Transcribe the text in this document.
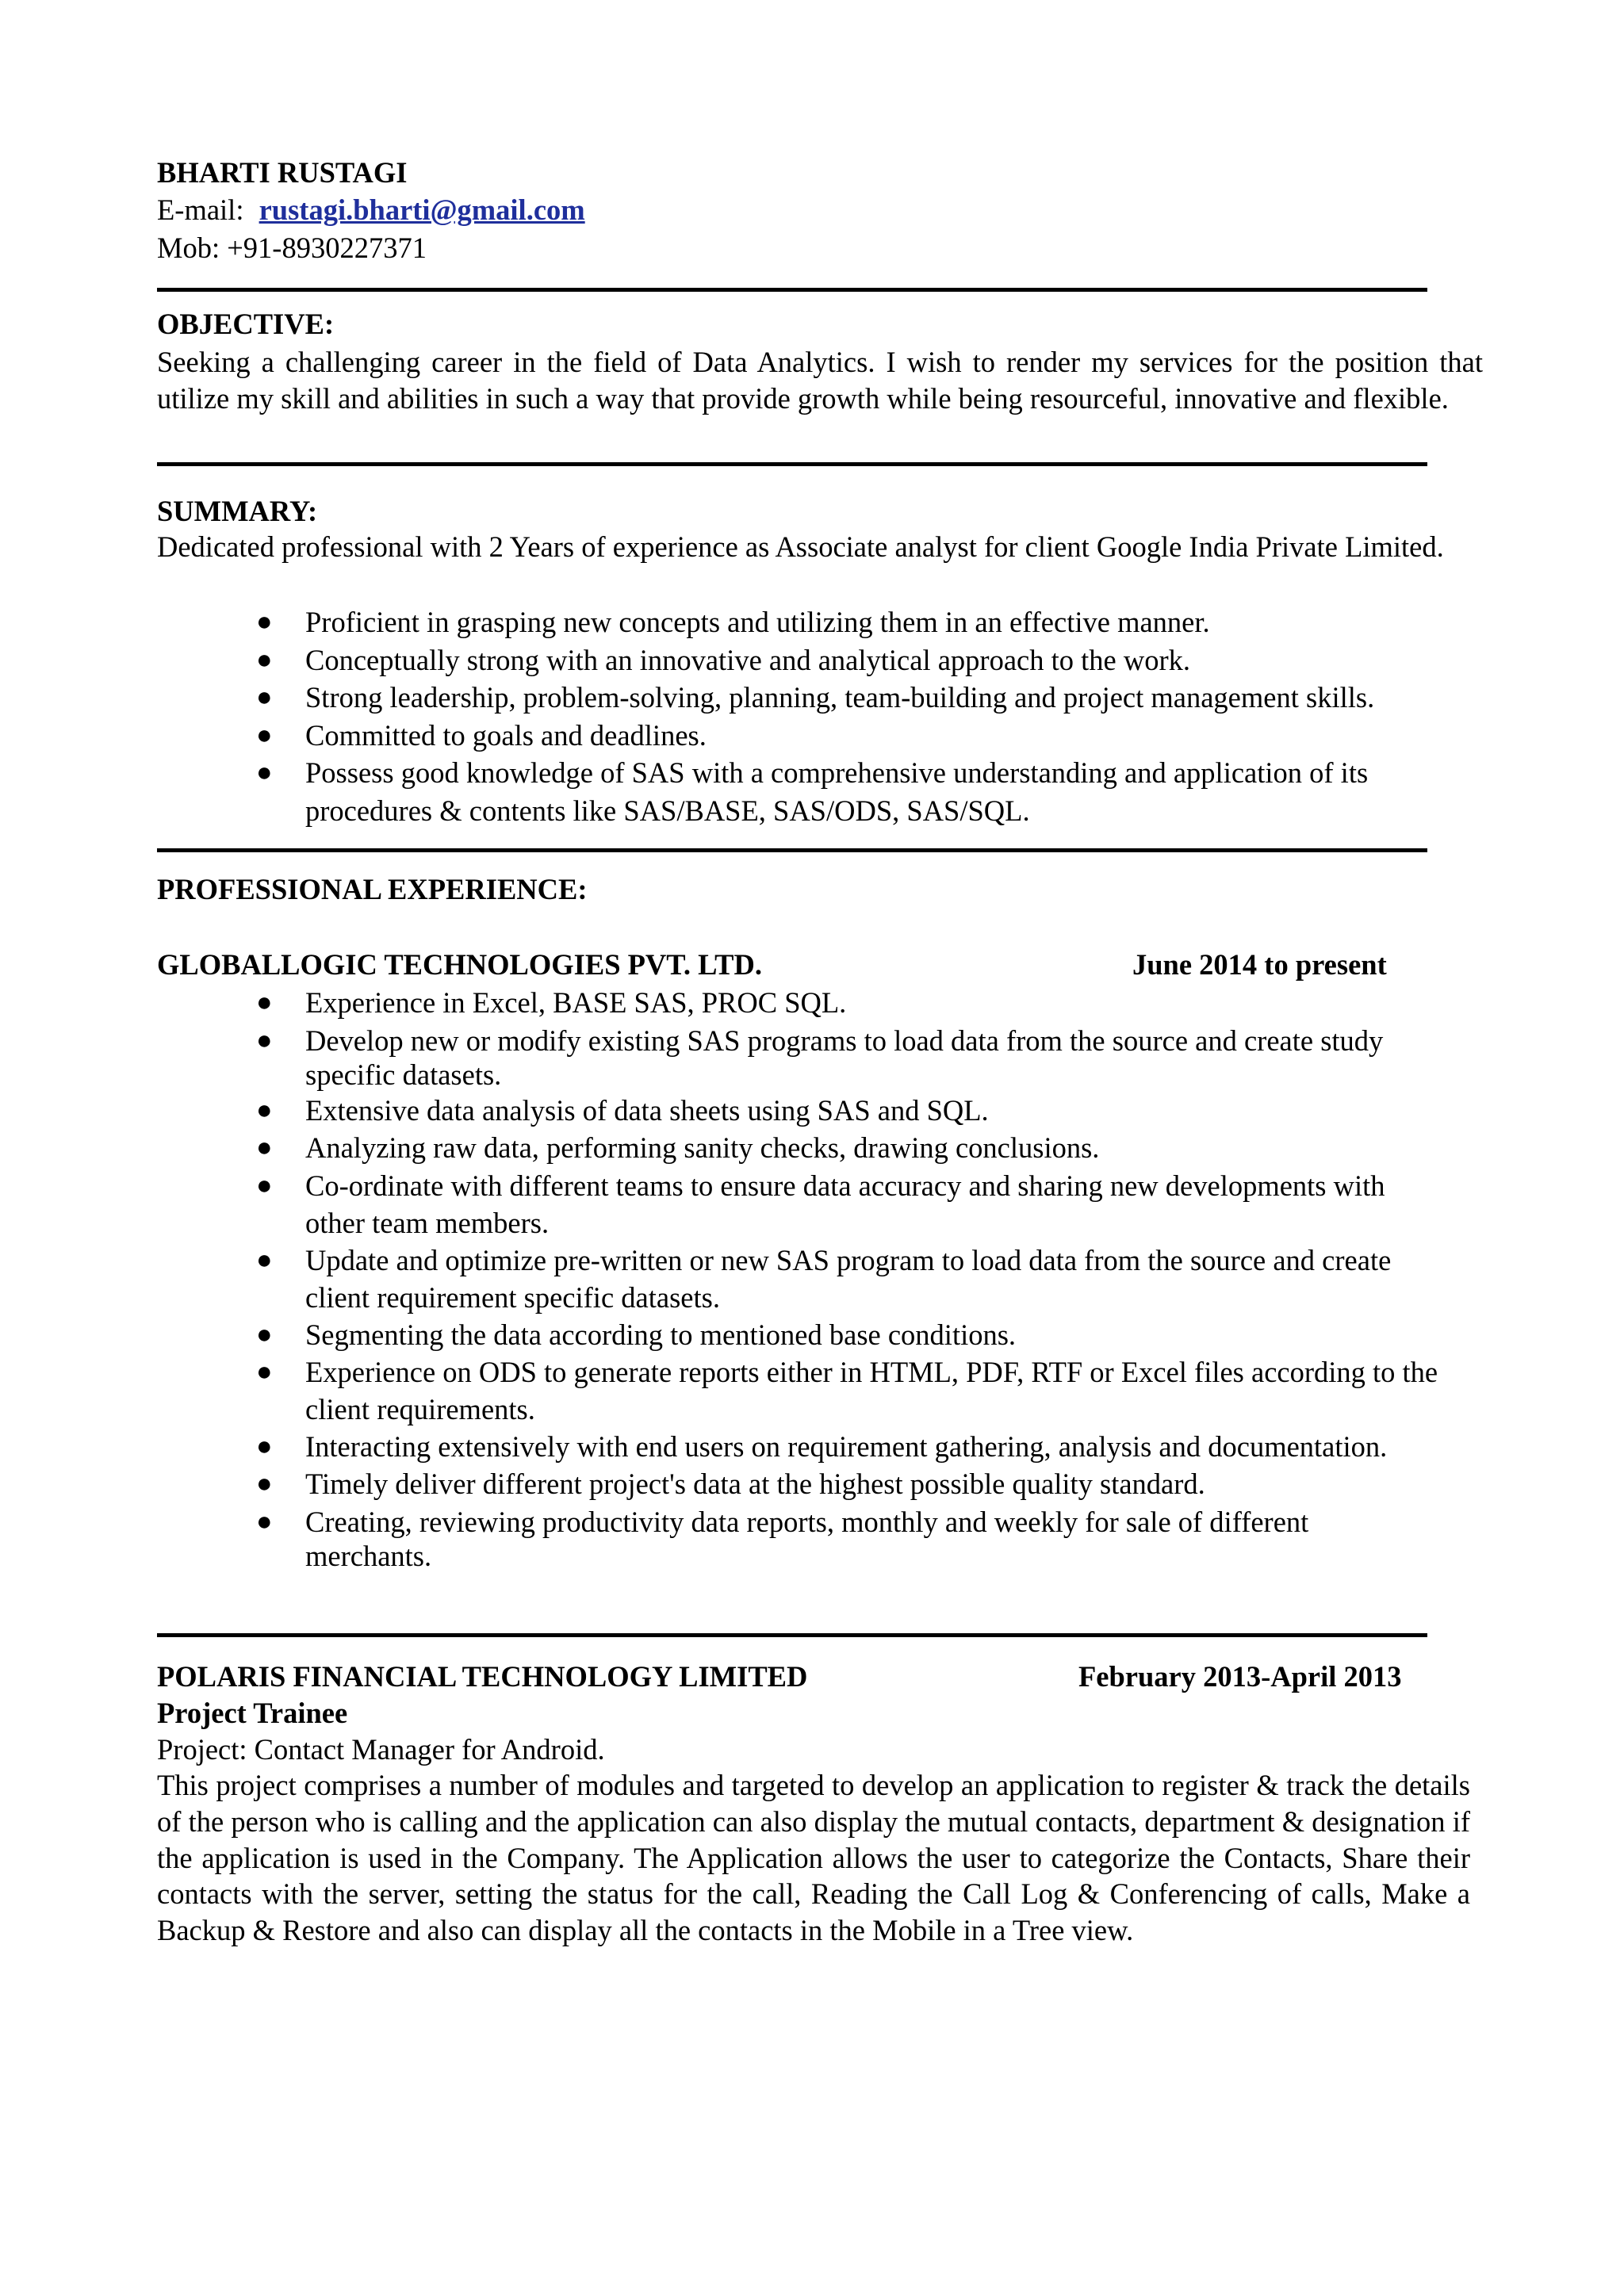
BHARTI RUSTAGI
E-mail: rustagi.bharti@gmail.com
Mob: +91-8930227371
OBJECTIVE:
Seeking a challenging career in the field of Data Analytics. I wish to render my services for the position that utilize my skill and abilities in such a way that provide growth while being resourceful, innovative and flexible.
SUMMARY:
Dedicated professional with 2 Years of experience as Associate analyst for client Google India Private Limited.
● Proficient in grasping new concepts and utilizing them in an effective manner.
● Conceptually strong with an innovative and analytical approach to the work.
● Strong leadership, problem-solving, planning, team-building and project management skills.
● Committed to goals and deadlines.
● Possess good knowledge of SAS with a comprehensive understanding and application of its procedures & contents like SAS/BASE, SAS/ODS, SAS/SQL.
PROFESSIONAL EXPERIENCE:
GLOBALLOGIC TECHNOLOGIES PVT. LTD.	June 2014 to present
● Experience in Excel, BASE SAS, PROC SQL.
● Develop new or modify existing SAS programs to load data from the source and create study specific datasets.
● Extensive data analysis of data sheets using SAS and SQL.
● Analyzing raw data, performing sanity checks, drawing conclusions.
● Co-ordinate with different teams to ensure data accuracy and sharing new developments with other team members.
● Update and optimize pre-written or new SAS program to load data from the source and create client requirement specific datasets.
● Segmenting the data according to mentioned base conditions.
● Experience on ODS to generate reports either in HTML, PDF, RTF or Excel files according to the client requirements.
● Interacting extensively with end users on requirement gathering, analysis and documentation.
● Timely deliver different project's data at the highest possible quality standard.
● Creating, reviewing productivity data reports, monthly and weekly for sale of different merchants.
POLARIS FINANCIAL TECHNOLOGY LIMITED	February 2013-April 2013
Project Trainee
Project: Contact Manager for Android.
This project comprises a number of modules and targeted to develop an application to register & track the details of the person who is calling and the application can also display the mutual contacts, department & designation if the application is used in the Company. The Application allows the user to categorize the Contacts, Share their contacts with the server, setting the status for the call, Reading the Call Log & Conferencing of calls, Make a Backup & Restore and also can display all the contacts in the Mobile in a Tree view.
